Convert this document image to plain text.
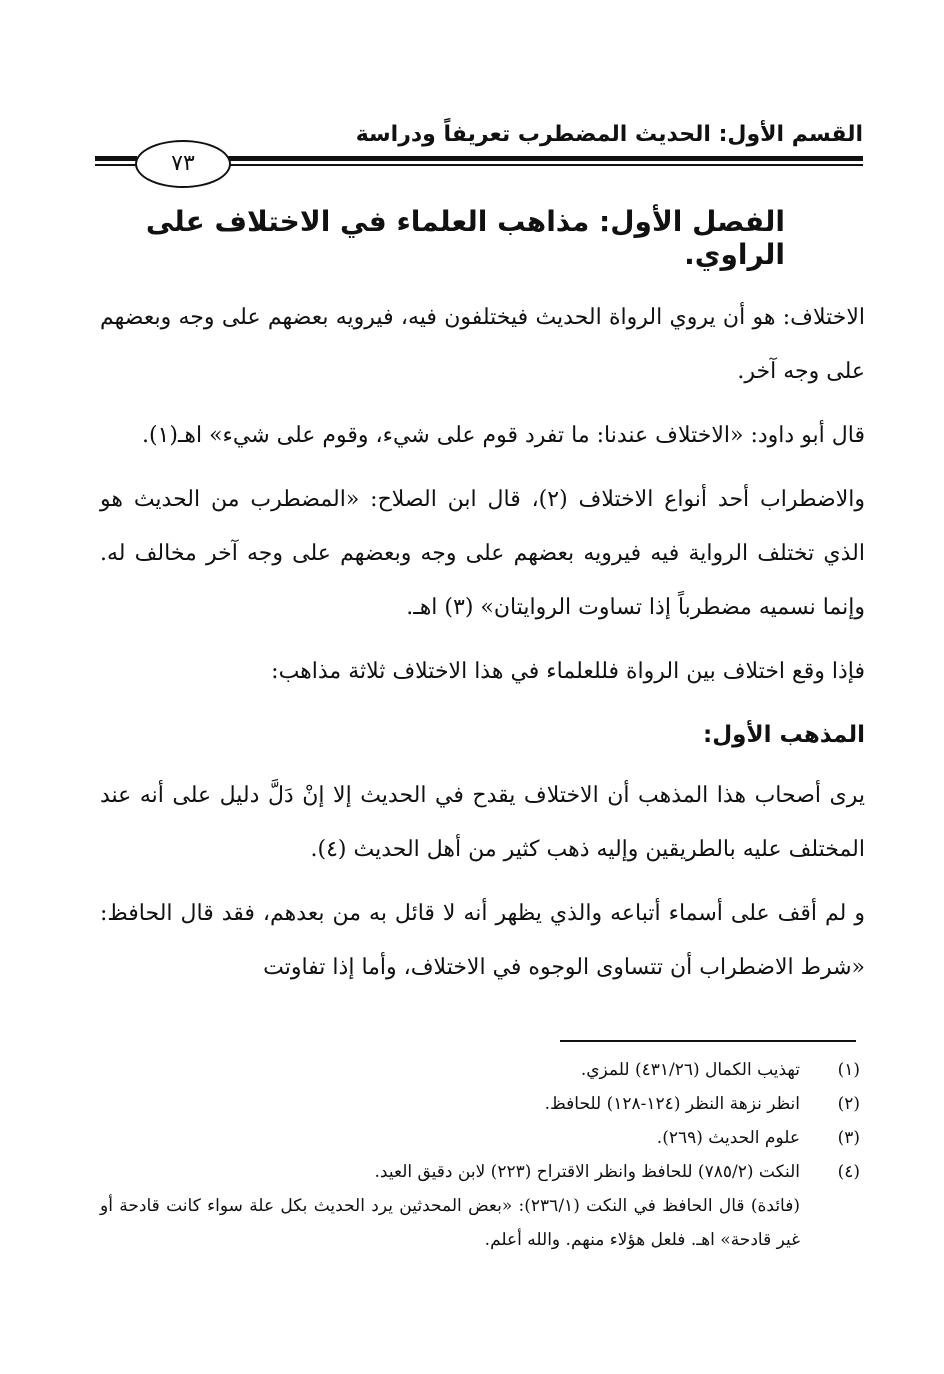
القسم الأول: الحديث المضطرب تعريفاً ودراسة
٧٣
الفصل الأول: مذاهب العلماء في الاختلاف على الراوي.

الاختلاف: هو أن يروي الرواة الحديث فيختلفون فيه، فيرويه بعضهم على وجه وبعضهم على وجه آخر.

قال أبو داود: «الاختلاف عندنا: ما تفرد قوم على شيء، وقوم على شيء» اهـ(١).

والاضطراب أحد أنواع الاختلاف (٢)، قال ابن الصلاح: «المضطرب من الحديث هو الذي تختلف الرواية فيه فيرويه بعضهم على وجه وبعضهم على وجه آخر مخالف له. وإنما نسميه مضطرباً إذا تساوت الروايتان» (٣) اهـ.

فإذا وقع اختلاف بين الرواة فللعلماء في هذا الاختلاف ثلاثة مذاهب:

المذهب الأول:

يرى أصحاب هذا المذهب أن الاختلاف يقدح في الحديث إلا إنْ دَلَّ دليل على أنه عند المختلف عليه بالطريقين وإليه ذهب كثير من أهل الحديث (٤).

و لم أقف على أسماء أتباعه والذي يظهر أنه لا قائل به من بعدهم، فقد قال الحافظ: «شرط الاضطراب أن تتساوى الوجوه في الاختلاف، وأما إذا تفاوتت

(١)
تهذيب الكمال (٤٣١/٢٦) للمزي.
(٢)
انظر نزهة النظر (١٢٤-١٢٨) للحافظ.
(٣)
علوم الحديث (٢٦٩).
(٤)
النكت (٧٨٥/٢) للحافظ وانظر الاقتراح (٢٢٣) لابن دقيق العيد.
(فائدة) قال الحافظ في النكت (٢٣٦/١): «بعض المحدثين يرد الحديث بكل علة سواء كانت قادحة أو غير قادحة» اهـ. فلعل هؤلاء منهم. والله أعلم.
